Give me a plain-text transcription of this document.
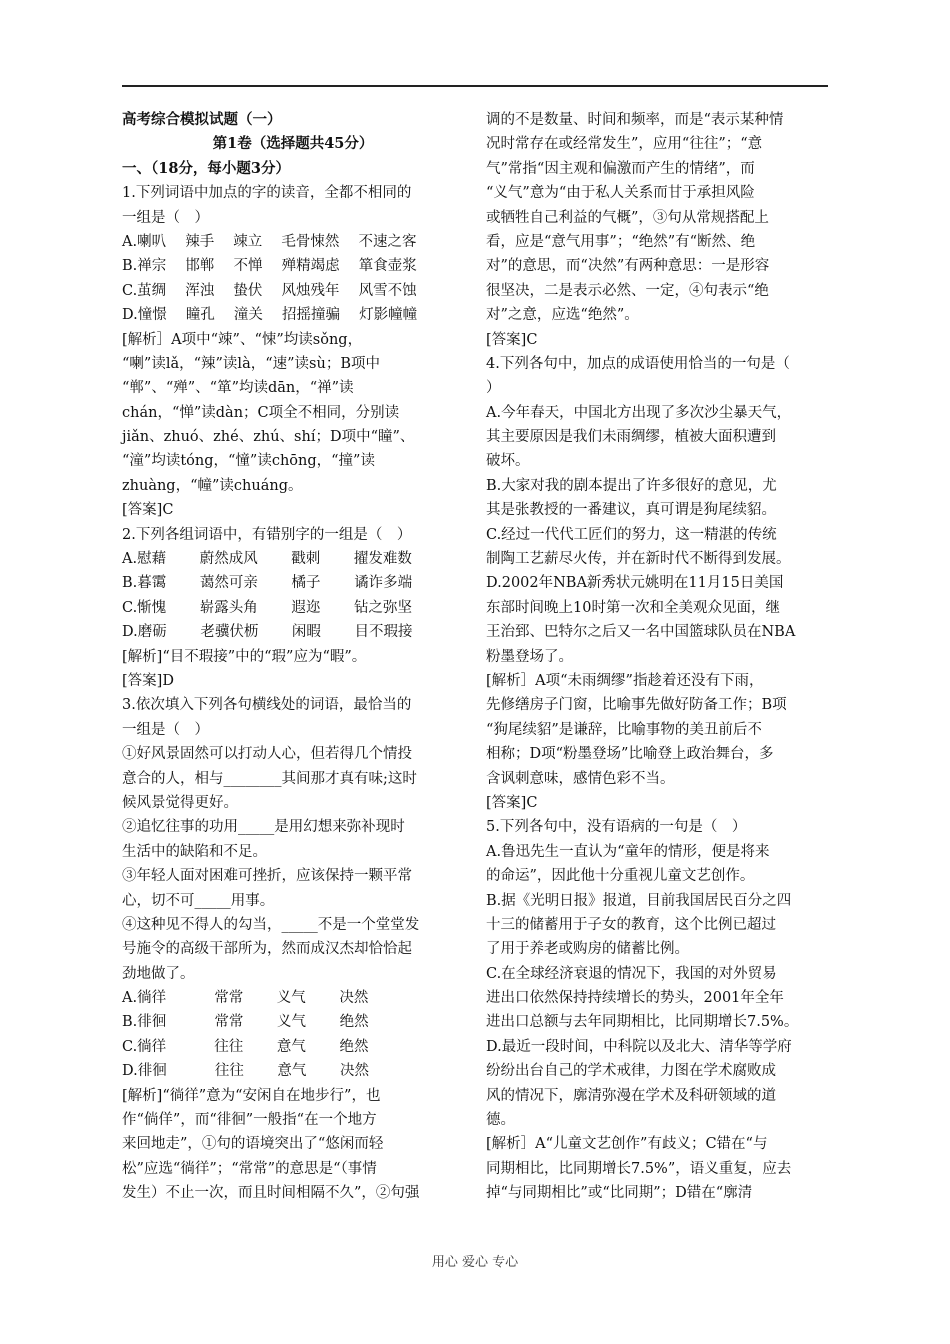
高考综合模拟试题（一）
第1卷（选择题共45分）
一、（18分，每小题3分）
1.下列词语中加点的字的读音，全都不相同的
一组是（　）
A.喇叭　 辣手　 竦立　 毛骨悚然　 不速之客
B.禅宗　 邯郸　 不惮　 殚精竭虑　 箪食壶浆
C.茧绸　 浑浊　 蛰伏　 风烛残年　 风雪不蚀
D.憧憬　 瞳孔　 潼关　 招摇撞骗　 灯影幢幢
[解析］A项中“竦”、“悚”均读sǒng，
“喇”读lǎ，“辣”读là，“速”读sù；B项中
“郸”、“殚”、“箪”均读dān，“禅”读
chán，“惮”读dàn；C项全不相同，分别读
jiǎn、zhuó、zhé、zhú、shí；D项中“瞳”、
“潼”均读tóng，“憧”读chōng，“撞”读
zhuàng，“幢”读chuáng。
[答案]C
2.下列各组词语中，有错别字的一组是（　）
A.慰藉　　 蔚然成风　　 戳刺　　 擢发难数
B.暮霭　　 蔼然可亲　　 橘子　　 谲诈多端
C.惭愧　　 崭露头角　　 遐迩　　 钻之弥坚
D.磨砺　　 老骥伏枥　　 闲暇　　 目不瑕接
[解析]“目不瑕接”中的“瑕”应为“暇”。
[答案]D
3.依次填入下列各句横线处的词语，最恰当的
一组是（　）
①好风景固然可以打动人心，但若得几个情投
意合的人，相与________其间那才真有味;这时
候风景觉得更好。
②追忆往事的功用_____是用幻想来弥补现时
生活中的缺陷和不足。
③年轻人面对困难可挫折，应该保持一颗平常
心，切不可_____用事。
④这种见不得人的勾当，_____不是一个堂堂发
号施令的高级干部所为，然而成汉杰却恰恰起
劲地做了。
A.徜徉　　　 常常　　 义气　　 决然
B.徘徊　　　 常常　　 义气　　 绝然
C.徜徉　　　 往往　　 意气　　 绝然
D.徘徊　　　 往往　　 意气　　 决然
[解析]“徜徉”意为“安闲自在地步行”，也
作“倘佯”，而“徘徊”一般指“在一个地方
来回地走”，①句的语境突出了“悠闲而轻
松”应选“徜徉”；“常常”的意思是“（事情
发生）不止一次，而且时间相隔不久”，②句强
调的不是数量、时间和频率，而是“表示某种情
况时常存在或经常发生”，应用“往往”；“意
气”常指“因主观和偏激而产生的情绪”，而
“义气”意为“由于私人关系而甘于承担风险
或牺牲自己利益的气概”，③句从常规搭配上
看，应是“意气用事”；“绝然”有“断然、绝
对”的意思，而“决然”有两种意思：一是形容
很坚决，二是表示必然、一定，④句表示“绝
对”之意，应选“绝然”。
[答案]C
4.下列各句中，加点的成语使用恰当的一句是（
）
A.今年春天，中国北方出现了多次沙尘暴天气，
其主要原因是我们未雨绸缪，植被大面积遭到
破坏。
B.大家对我的剧本提出了许多很好的意见，尤
其是张教授的一番建议，真可谓是狗尾续貂。
C.经过一代代工匠们的努力，这一精湛的传统
制陶工艺薪尽火传，并在新时代不断得到发展。
D.2002年NBA新秀状元姚明在11月15日美国
东部时间晚上10时第一次和全美观众见面，继
王治郅、巴特尔之后又一名中国篮球队员在NBA
粉墨登场了。
[解析］A项“未雨绸缪”指趁着还没有下雨，
先修缮房子门窗，比喻事先做好防备工作；B项
“狗尾续貂”是谦辞，比喻事物的美丑前后不
相称；D项“粉墨登场”比喻登上政治舞台，多
含讽刺意味，感情色彩不当。
[答案]C
5.下列各句中，没有语病的一句是（　）
A.鲁迅先生一直认为“童年的情形，便是将来
的命运”，因此他十分重视儿童文艺创作。
B.据《光明日报》报道，目前我国居民百分之四
十三的储蓄用于子女的教育，这个比例已超过
了用于养老或购房的储蓄比例。
C.在全球经济衰退的情况下，我国的对外贸易
进出口依然保持持续增长的势头，2001年全年
进出口总额与去年同期相比，比同期增长7.5%。
D.最近一段时间，中科院以及北大、清华等学府
纷纷出台自己的学术戒律，力图在学术腐败成
风的情况下，廓清弥漫在学术及科研领域的道
德。
[解析］A“儿童文艺创作”有歧义；C错在“与
同期相比，比同期增长7.5%”，语义重复，应去
掉“与同期相比”或“比同期”；D错在“廓清
用心 爱心 专心
